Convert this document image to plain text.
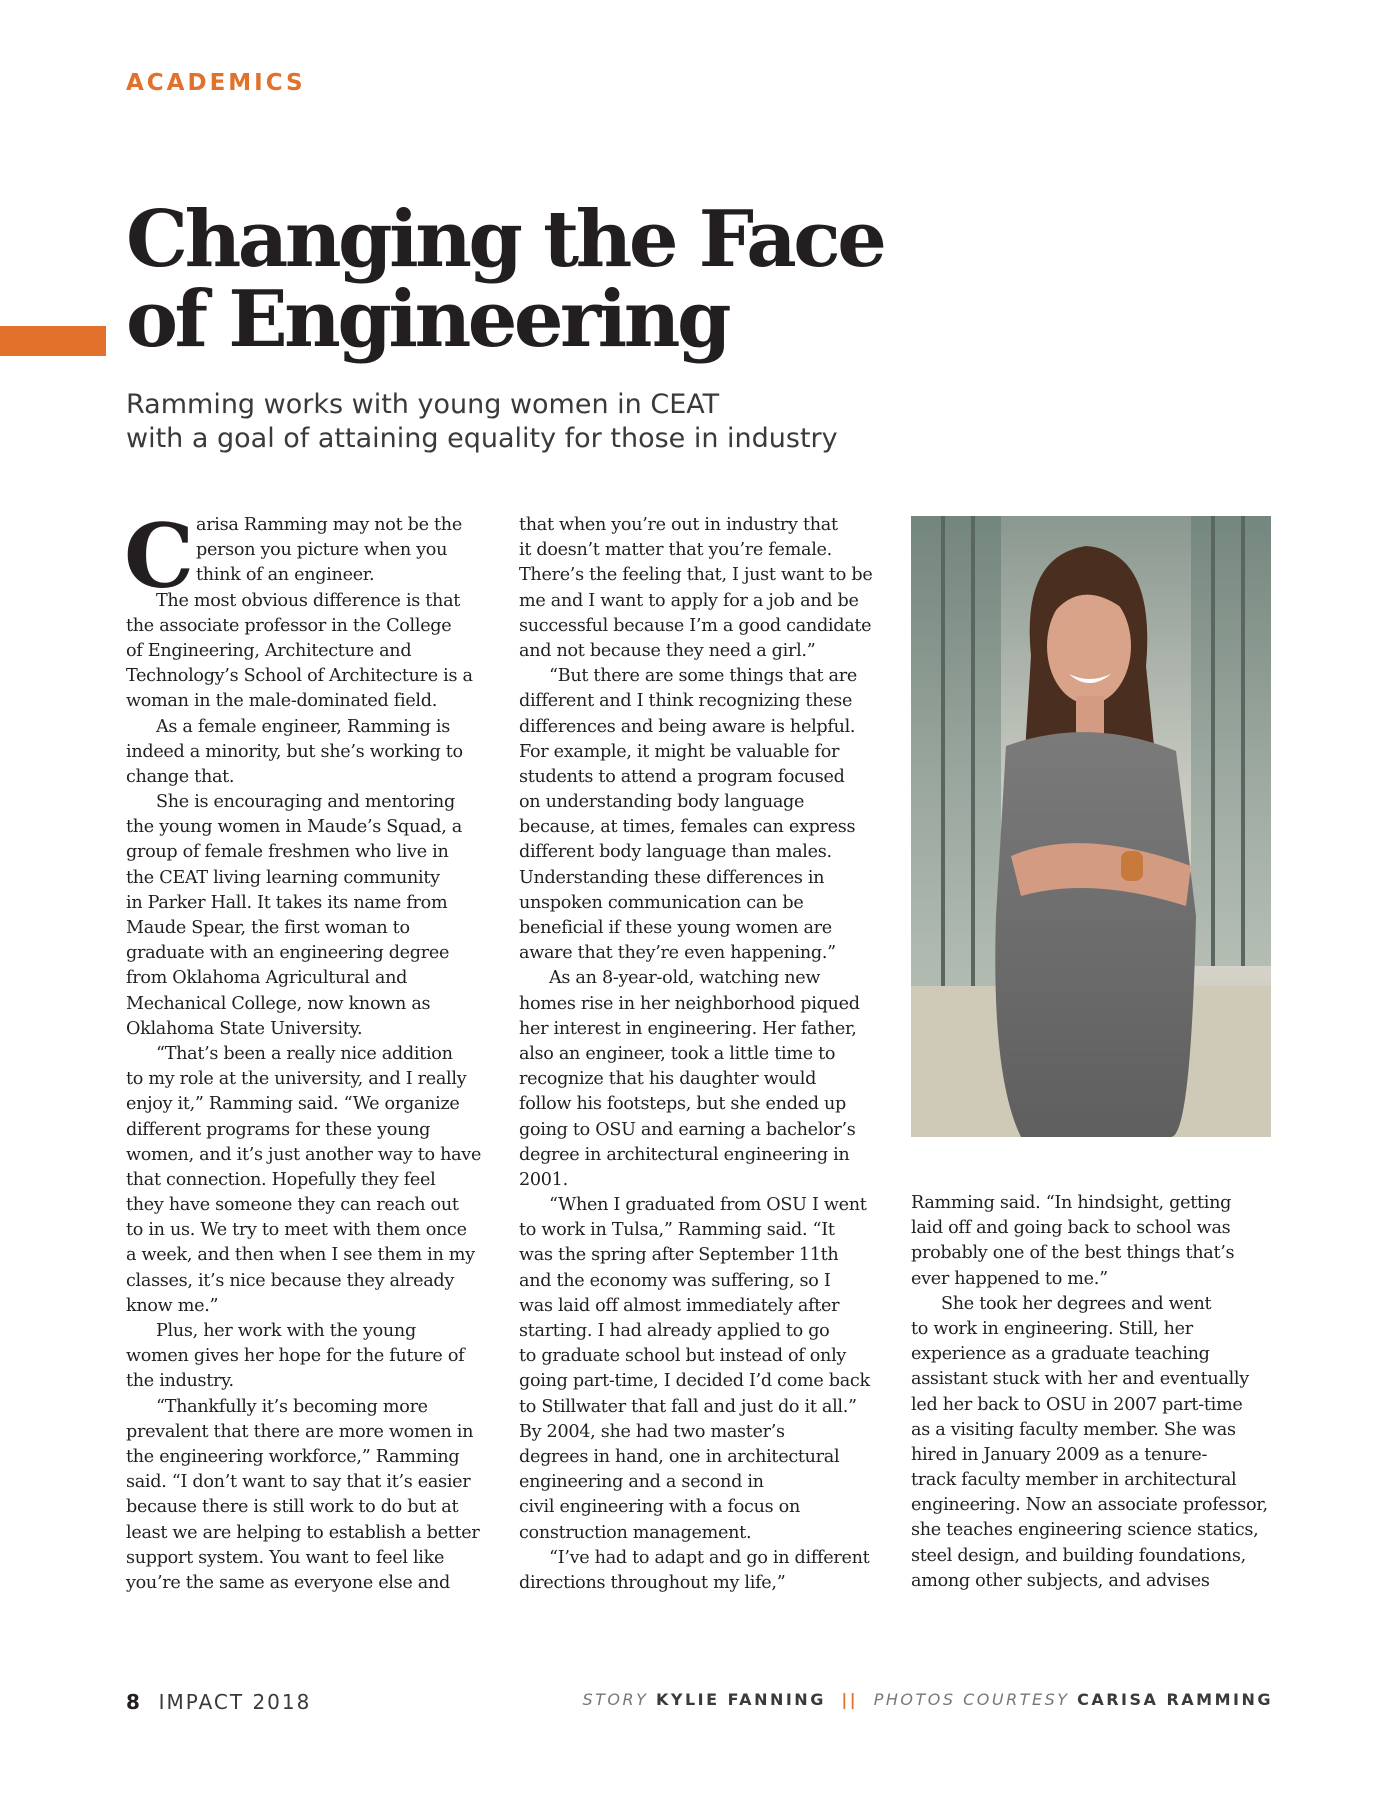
ACADEMICS
Changing the Face
of Engineering
Ramming works with young women in CEAT
with a goal of attaining equality for those in industry
C arisa Ramming may not be the
person you picture when you
think of an engineer.
The most obvious difference is that
the associate professor in the College
of Engineering, Architecture and
Technology’s School of Architecture is a
woman in the male-dominated field.
As a female engineer, Ramming is
indeed a minority, but she’s working to
change that.
She is encouraging and mentoring
the young women in Maude’s Squad, a
group of female freshmen who live in
the CEAT living learning community
in Parker Hall. It takes its name from
Maude Spear, the first woman to
graduate with an engineering degree
from Oklahoma Agricultural and
Mechanical College, now known as
Oklahoma State University.
“That’s been a really nice addition
to my role at the university, and I really
enjoy it,” Ramming said. “We organize
different programs for these young
women, and it’s just another way to have
that connection. Hopefully they feel
they have someone they can reach out
to in us. We try to meet with them once
a week, and then when I see them in my
classes, it’s nice because they already
know me.”
Plus, her work with the young
women gives her hope for the future of
the industry.
“Thankfully it’s becoming more
prevalent that there are more women in
the engineering workforce,” Ramming
said. “I don’t want to say that it’s easier
because there is still work to do but at
least we are helping to establish a better
support system. You want to feel like
you’re the same as everyone else and
that when you’re out in industry that
it doesn’t matter that you’re female.
There’s the feeling that, I just want to be
me and I want to apply for a job and be
successful because I’m a good candidate
and not because they need a girl.”
“But there are some things that are
different and I think recognizing these
differences and being aware is helpful.
For example, it might be valuable for
students to attend a program focused
on understanding body language
because, at times, females can express
different body language than males.
Understanding these differences in
unspoken communication can be
beneficial if these young women are
aware that they’re even happening.”
As an 8-year-old, watching new
homes rise in her neighborhood piqued
her interest in engineering. Her father,
also an engineer, took a little time to
recognize that his daughter would
follow his footsteps, but she ended up
going to OSU and earning a bachelor’s
degree in architectural engineering in
2001.
“When I graduated from OSU I went
to work in Tulsa,” Ramming said. “It
was the spring after September 11th
and the economy was suffering, so I
was laid off almost immediately after
starting. I had already applied to go
to graduate school but instead of only
going part-time, I decided I’d come back
to Stillwater that fall and just do it all.”
By 2004, she had two master’s
degrees in hand, one in architectural
engineering and a second in
civil engineering with a focus on
construction management.
“I’ve had to adapt and go in different
directions throughout my life,”
Ramming said. “In hindsight, getting
laid off and going back to school was
probably one of the best things that’s
ever happened to me.”
She took her degrees and went
to work in engineering. Still, her
experience as a graduate teaching
assistant stuck with her and eventually
led her back to OSU in 2007 part-time
as a visiting faculty member. She was
hired in January 2009 as a tenure-
track faculty member in architectural
engineering. Now an associate professor,
she teaches engineering science statics,
steel design, and building foundations,
among other subjects, and advises
8 IMPACT 2018	STORY KYLIE FANNING || PHOTOS COURTESY CARISA RAMMING
